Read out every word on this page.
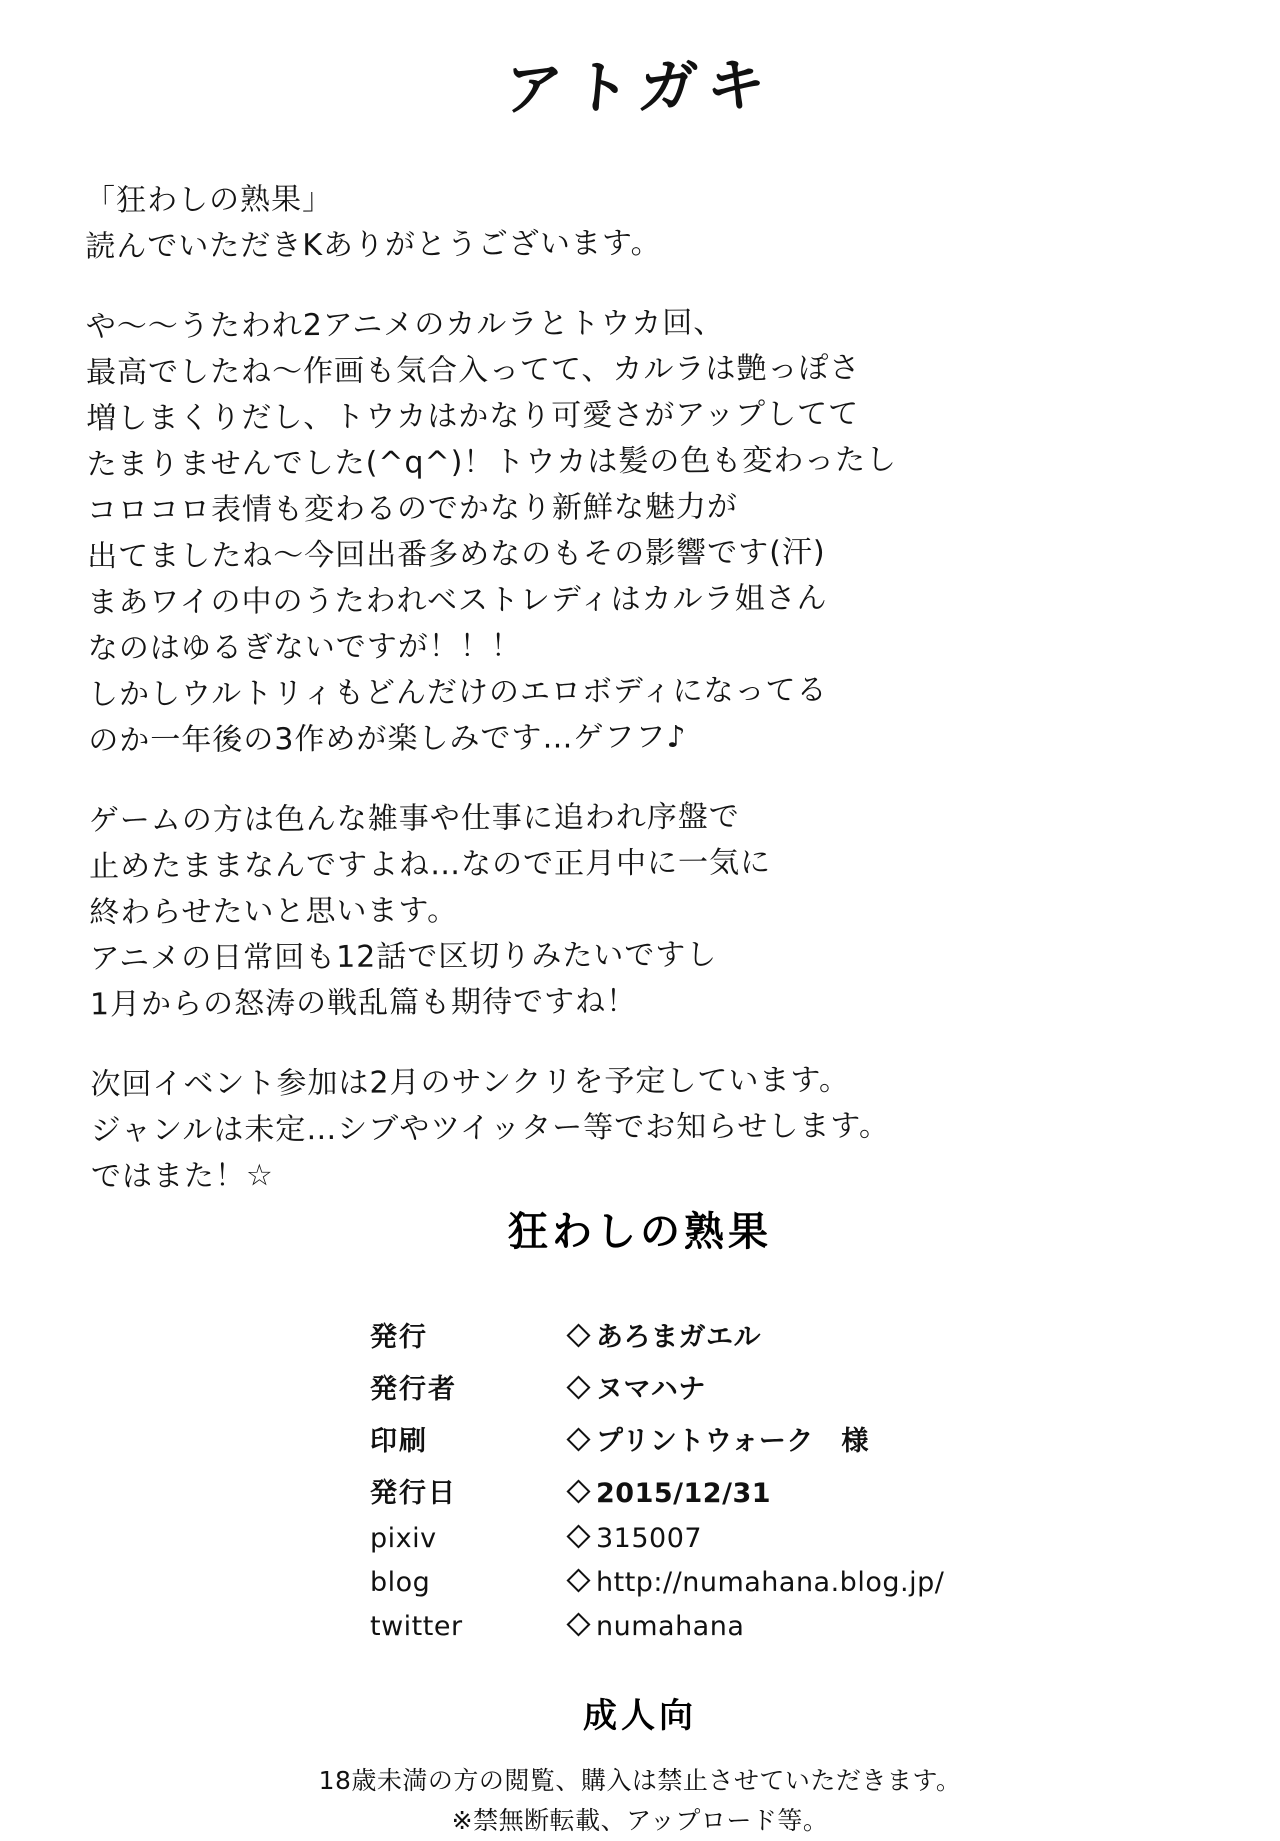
アトガキ

「狂わしの熟果」
読んでいただきKありがとうございます。

や～～うたわれ2アニメのカルラとトウカ回、
最高でしたね～作画も気合入ってて、カルラは艶っぽさ
増しまくりだし、トウカはかなり可愛さがアップしてて
たまりませんでした(^q^)！トウカは髪の色も変わったし
コロコロ表情も変わるのでかなり新鮮な魅力が
出てましたね～今回出番多めなのもその影響です(汗)
まあワイの中のうたわれベストレディはカルラ姐さん
なのはゆるぎないですが！！！
しかしウルトリィもどんだけのエロボディになってる
のか一年後の3作めが楽しみです…ゲフフ♪

ゲームの方は色んな雑事や仕事に追われ序盤で
止めたままなんですよね…なので正月中に一気に
終わらせたいと思います。
アニメの日常回も12話で区切りみたいですし
1月からの怒涛の戦乱篇も期待ですね！

次回イベント参加は2月のサンクリを予定しています。
ジャンルは未定…シブやツイッター等でお知らせします。
ではまた！☆

狂わしの熟果
発行	あろまガエル
発行者	ヌマハナ
印刷	プリントウォーク　様
発行日	2015/12/31
pixiv	315007
blog	http://numahana.blog.jp/
twitter	numahana
成人向
18歳未満の方の閲覧、購入は禁止させていただきます。
※禁無断転載、アップロード等。
